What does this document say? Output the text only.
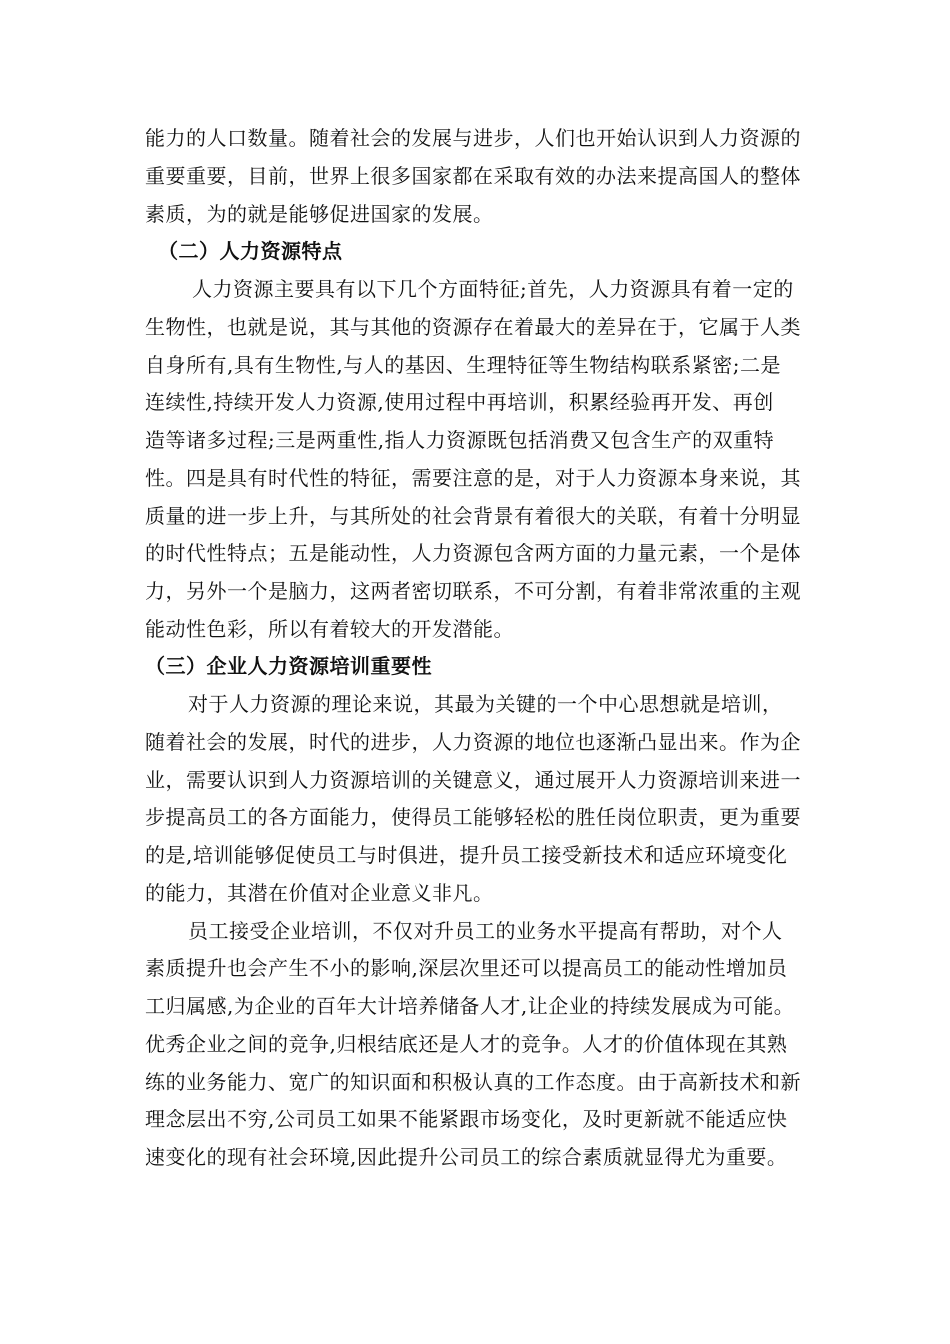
能力的人口数量。随着社会的发展与进步，人们也开始认识到人力资源的
重要重要，目前，世界上很多国家都在采取有效的办法来提高国人的整体
素质，为的就是能够促进国家的发展。
（二）人力资源特点
人力资源主要具有以下几个方面特征;首先，人力资源具有着一定的
生物性，也就是说，其与其他的资源存在着最大的差异在于，它属于人类
自身所有,具有生物性,与人的基因、生理特征等生物结构联系紧密;二是
连续性,持续开发人力资源,使用过程中再培训，积累经验再开发、再创
造等诸多过程;三是两重性,指人力资源既包括消费又包含生产的双重特
性。四是具有时代性的特征，需要注意的是，对于人力资源本身来说，其
质量的进一步上升，与其所处的社会背景有着很大的关联，有着十分明显
的时代性特点；五是能动性，人力资源包含两方面的力量元素，一个是体
力，另外一个是脑力，这两者密切联系，不可分割，有着非常浓重的主观
能动性色彩，所以有着较大的开发潜能。
（三）企业人力资源培训重要性
对于人力资源的理论来说，其最为关键的一个中心思想就是培训，
随着社会的发展，时代的进步，人力资源的地位也逐渐凸显出来。作为企
业，需要认识到人力资源培训的关键意义，通过展开人力资源培训来进一
步提高员工的各方面能力，使得员工能够轻松的胜任岗位职责，更为重要
的是,培训能够促使员工与时俱进，提升员工接受新技术和适应环境变化
的能力，其潜在价值对企业意义非凡。
员工接受企业培训，不仅对升员工的业务水平提高有帮助，对个人
素质提升也会产生不小的影响,深层次里还可以提高员工的能动性增加员
工归属感,为企业的百年大计培养储备人才,让企业的持续发展成为可能。
优秀企业之间的竞争,归根结底还是人才的竞争。人才的价值体现在其熟
练的业务能力、宽广的知识面和积极认真的工作态度。由于高新技术和新
理念层出不穷,公司员工如果不能紧跟市场变化，及时更新就不能适应快
速变化的现有社会环境,因此提升公司员工的综合素质就显得尤为重要。
